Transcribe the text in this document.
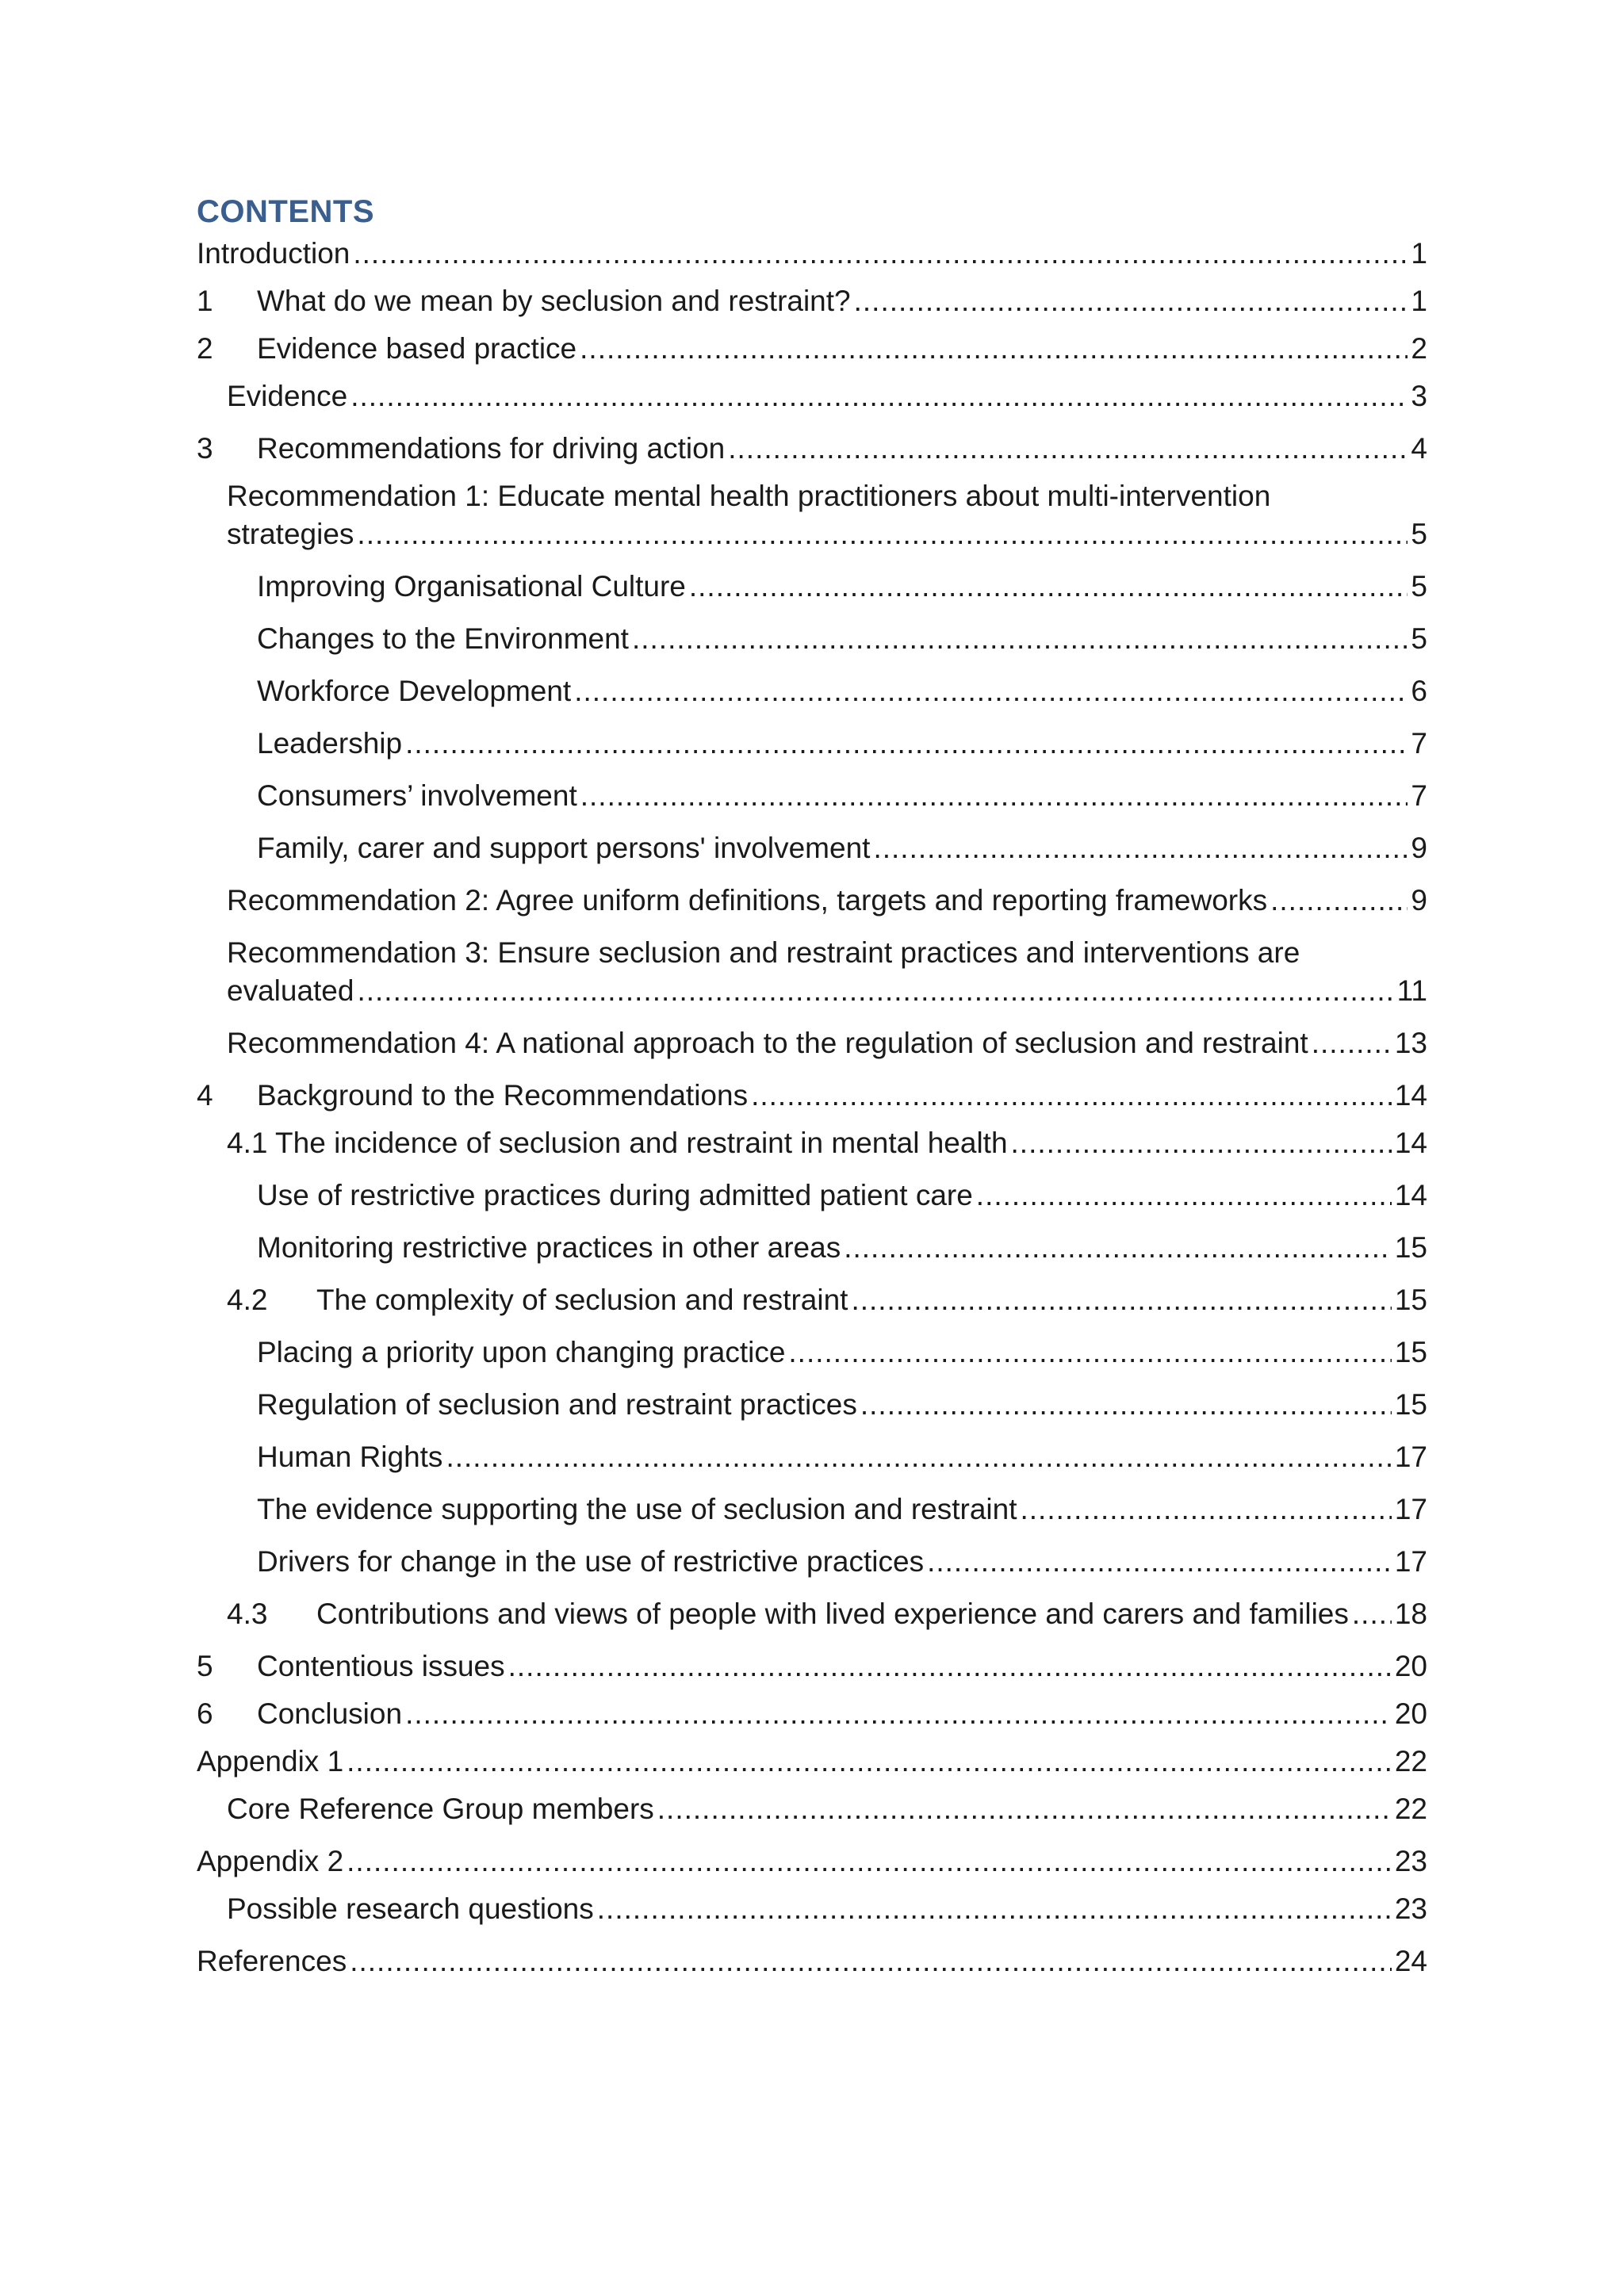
CONTENTS
Introduction .....	1
1	What do we mean by seclusion and restraint? .....	1
2	Evidence based practice .....	2
Evidence .....	3
3	Recommendations for driving action .....	4
Recommendation 1: Educate mental health practitioners about multi-intervention
strategies .....	5
Improving Organisational Culture .....	5
Changes to the Environment .....	5
Workforce Development .....	6
Leadership .....	7
Consumers’ involvement .....	7
Family, carer and support persons' involvement .....	9
Recommendation 2: Agree uniform definitions, targets and reporting frameworks .....	9
Recommendation 3: Ensure seclusion and restraint practices and interventions are
evaluated .....	11
Recommendation 4: A national approach to the regulation of seclusion and restraint .....	13
4	Background to the Recommendations .....	14
4.1 The incidence of seclusion and restraint in mental health .....	14
Use of restrictive practices during admitted patient care .....	14
Monitoring restrictive practices in other areas .....	15
4.2	The complexity of seclusion and restraint .....	15
Placing a priority upon changing practice .....	15
Regulation of seclusion and restraint practices .....	15
Human Rights .....	17
The evidence supporting the use of seclusion and restraint .....	17
Drivers for change in the use of restrictive practices .....	17
4.3	Contributions and views of people with lived experience and carers and families ..... 18
5	Contentious issues .....	20
6	Conclusion .....	20
Appendix 1 .....	22
Core Reference Group members .....	22
Appendix 2 .....	23
Possible research questions .....	23
References .....	24
